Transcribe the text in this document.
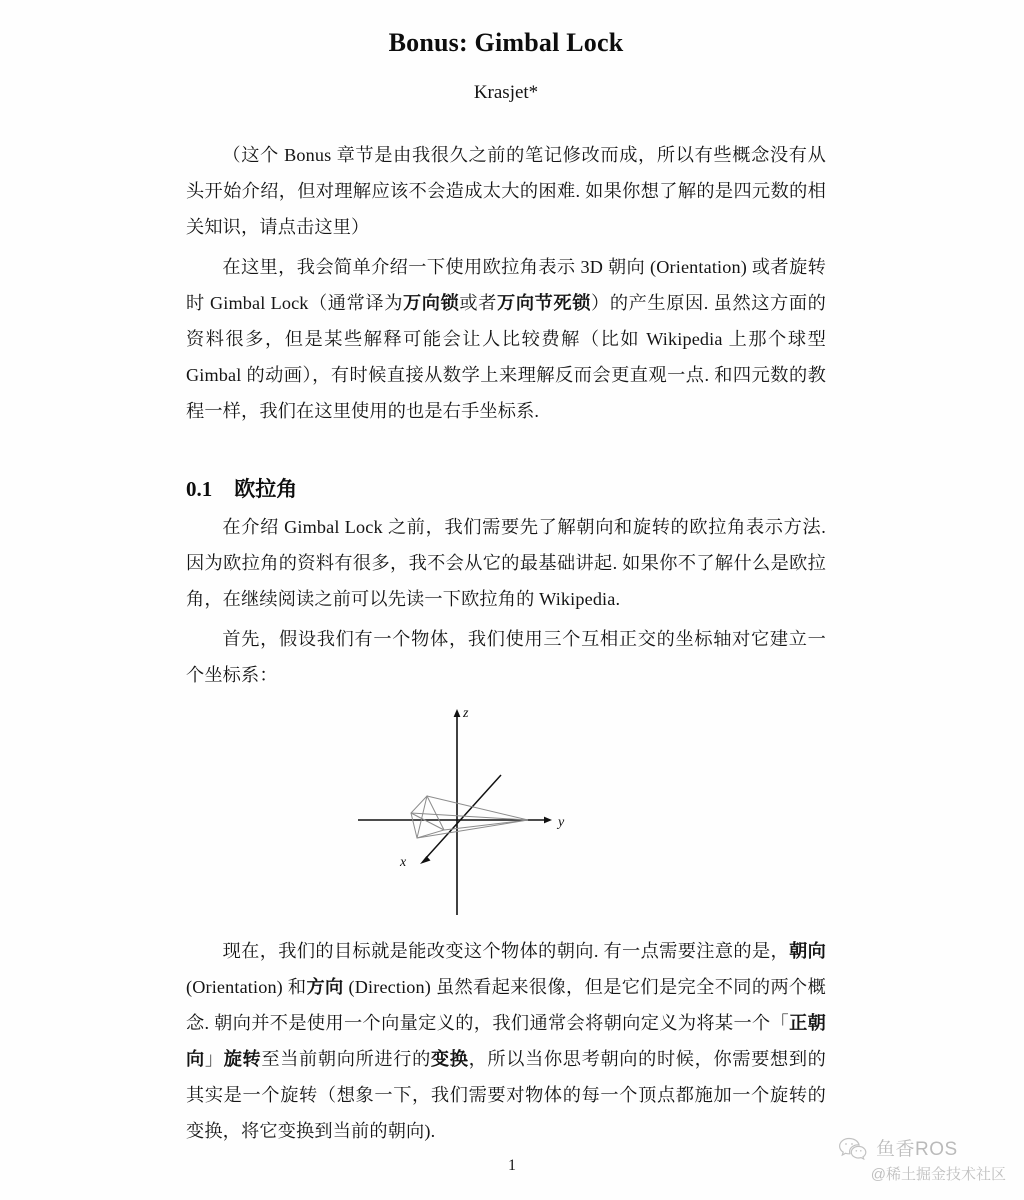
Bonus: Gimbal Lock
Krasjet*

（这个 Bonus 章节是由我很久之前的笔记修改而成，所以有些概念没有从头开始介绍，但对理解应该不会造成太大的困难. 如果你想了解的是四元数的相关知识，请点击这里）

在这里，我会简单介绍一下使用欧拉角表示 3D 朝向 (Orientation) 或者旋转时 Gimbal Lock（通常译为万向锁或者万向节死锁）的产生原因. 虽然这方面的资料很多，但是某些解释可能会让人比较费解（比如 Wikipedia 上那个球型 Gimbal 的动画），有时候直接从数学上来理解反而会更直观一点. 和四元数的教程一样，我们在这里使用的也是右手坐标系.

0.1 欧拉角

在介绍 Gimbal Lock 之前，我们需要先了解朝向和旋转的欧拉角表示方法. 因为欧拉角的资料有很多，我不会从它的最基础讲起. 如果你不了解什么是欧拉角，在继续阅读之前可以先读一下欧拉角的 Wikipedia.

首先，假设我们有一个物体，我们使用三个互相正交的坐标轴对它建立一个坐标系：

z
y
x

现在，我们的目标就是能改变这个物体的朝向. 有一点需要注意的是，朝向 (Orientation) 和方向 (Direction) 虽然看起来很像，但是它们是完全不同的两个概念. 朝向并不是使用一个向量定义的，我们通常会将朝向定义为将某一个「正朝向」旋转至当前朝向所进行的变换，所以当你思考朝向的时候，你需要想到的其实是一个旋转（想象一下，我们需要对物体的每一个顶点都施加一个旋转的变换，将它变换到当前的朝向).

1
鱼香ROS
@稀土掘金技术社区
